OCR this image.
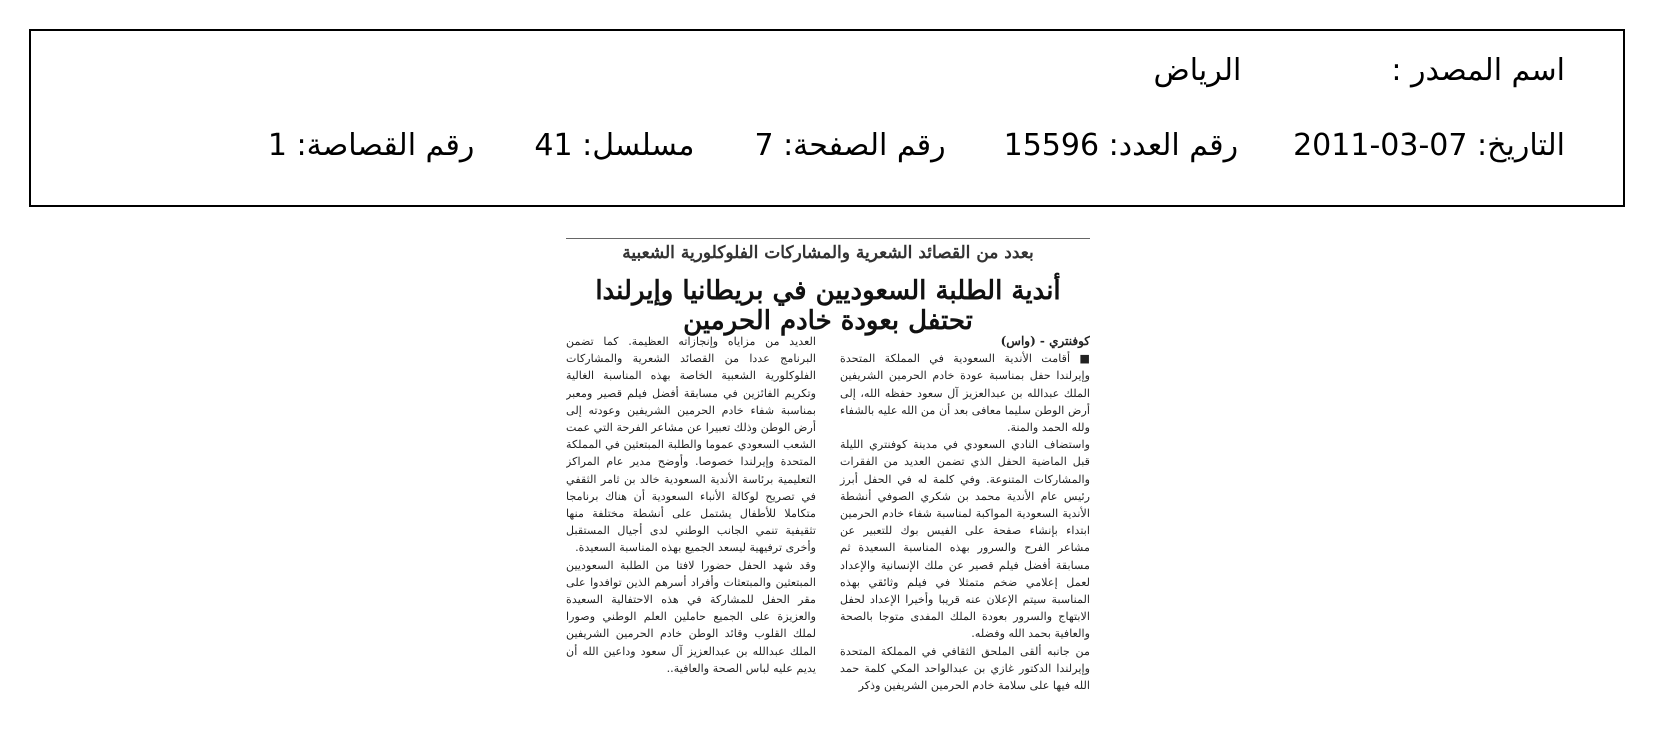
اسم المصدر :الرياض
التاريخ: 07-03-2011رقم العدد: 15596رقم الصفحة: 7مسلسل: 41رقم القصاصة: 1
بعدد من القصائد الشعرية والمشاركات الفلوكلورية الشعبية
أندية الطلبة السعوديين في بريطانيا وإيرلندا تحتفل بعودة خادم الحرمين
كوفنتري - (واس)
■ أقامت الأندية السعودية في المملكة المتحدة وإيرلندا حفل بمناسبة عودة خادم الحرمين الشريفين الملك عبدالله بن عبدالعزيز آل سعود حفظه الله، إلى أرض الوطن سليما معافى بعد أن من الله عليه بالشفاء ولله الحمد والمنة.
واستضاف النادي السعودي في مدينة كوفنتري الليلة قبل الماضية الحفل الذي تضمن العديد من الفقرات والمشاركات المتنوعة. وفي كلمة له في الحفل أبرز رئيس عام الأندية محمد بن شكري الصوفي أنشطة الأندية السعودية المواكبة لمناسبة شفاء خادم الحرمين ابتداء بإنشاء صفحة على الفيس بوك للتعبير عن مشاعر الفرح والسرور بهذه المناسبة السعيدة ثم مسابقة أفضل فيلم قصير عن ملك الإنسانية والإعداد لعمل إعلامي ضخم متمثلا في فيلم وثائقي بهذه المناسبة سيتم الإعلان عنه قريبا وأخيرا الإعداد لحفل الابتهاج والسرور بعودة الملك المفدى متوجا بالصحة والعافية بحمد الله وفضله.
من جانبه ألقى الملحق الثقافي في المملكة المتحدة وإيرلندا الدكتور غازي بن عبدالواحد المكي كلمة حمد الله فيها على سلامة خادم الحرمين الشريفين وذكر
العديد من مزاياه وإنجازاته العظيمة. كما تضمن البرنامج عددا من القصائد الشعرية والمشاركات الفلوكلورية الشعبية الخاصة بهذه المناسبة الغالية وتكريم الفائزين في مسابقة أفضل فيلم قصير ومعبر بمناسبة شفاء خادم الحرمين الشريفين وعودته إلى أرض الوطن وذلك تعبيرا عن مشاعر الفرحة التي عمت الشعب السعودي عموما والطلبة المبتعثين في المملكة المتحدة وإيرلندا خصوصا. وأوضح مدير عام المراكز التعليمية برئاسة الأندية السعودية خالد بن ثامر الثقفي في تصريح لوكالة الأنباء السعودية أن هناك برنامجا متكاملا للأطفال يشتمل على أنشطة مختلفة منها تثقيفية تنمي الجانب الوطني لدى أجيال المستقبل وأخرى ترفيهية ليسعد الجميع بهذه المناسبة السعيدة.
وقد شهد الحفل حضورا لافتا من الطلبة السعوديين المبتعثين والمبتعثات وأفراد أسرهم الذين توافدوا على مقر الحفل للمشاركة في هذه الاحتفالية السعيدة والعزيزة على الجميع حاملين العلم الوطني وصورا لملك القلوب وقائد الوطن خادم الحرمين الشريفين الملك عبدالله بن عبدالعزيز آل سعود وداعين الله أن يديم عليه لباس الصحة والعافية..
